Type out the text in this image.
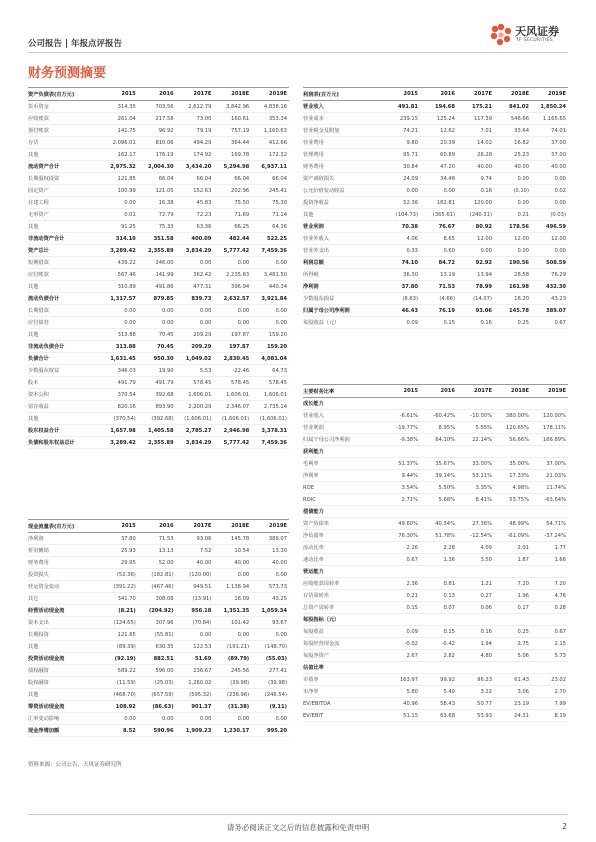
公司报告 | 年报点评报告
天风证券
TF SECURITIES
财务预测摘要
资产负债表(百万元)	2015	2016	2017E	2018E	2019E
货币资金	314.35	703.56	2,612.79	3,842.96	4,838.16
应收账款	261.04	217.58	73.00	160.61	353.34
预付账款	141.75	96.92	79.19	757.19	1,160.63
存货	2,096.01	810.06	494.29	364.44	412.66
其他	162.17	176.19	174.92	169.78	172.32
流动资产合计	2,975.32	2,004.30	3,434.20	5,294.98	6,937.11
长期股权投资	121.85	66.04	66.04	66.04	66.04
固定资产	100.99	121.05	152.63	202.96	245.41
在建工程	0.00	16.38	45.83	75.50	75.30
无形资产	0.01	72.79	72.23	71.69	71.14
其他	91.25	75.33	63.36	66.25	64.36
非流动资产合计	314.10	351.58	400.09	482.44	522.25
资产总计	3,289.42	2,355.89	3,834.29	5,777.42	7,459.36
短期借款	439.22	246.00	0.00	0.00	0.00
应付账款	567.46	141.99	362.42	2,235.63	3,481.50
其他	310.89	491.86	477.31	396.94	440.34
流动负债合计	1,317.57	879.85	839.73	2,632.57	3,921.84
长期借款	0.00	0.00	0.00	0.00	0.00
应付债券	0.00	0.00	0.00	0.00	0.00
其他	313.88	70.45	209.29	197.87	159.20
非流动负债合计	313.88	70.45	209.29	197.87	159.20
负债合计	1,631.45	950.30	1,049.02	2,830.45	4,081.04
少数股东权益	346.03	19.90	5.53	-22.46	64.73
股本	491.79	491.79	578.45	578.45	578.45
资本公积	370.54	392.68	1,606.01	1,606.01	1,606.01
留存收益	820.16	893.90	2,200.29	2,346.07	2,735.14
其他	(370.54)	(392.68)	(1,606.01)	(1,606.01)	(1,606.01)
股东权益合计	1,657.98	1,405.58	2,785.27	2,946.98	3,378.31
负债和股东权益总计	3,289.42	2,355.89	3,834.29	5,777.42	7,459.36
利润表(百万元)	2015	2016	2017E	2018E	2019E
营业收入	491.81	194.68	175.21	841.02	1,850.24
营业成本	239.15	125.24	117.39	546.66	1,165.65
营业税金及附加	74.21	12.62	7.01	33.64	74.01
营业费用	9.80	20.39	14.02	16.82	37.00
管理费用	95.71	60.89	26.28	25.23	37.00
财务费用	30.84	47.20	40.00	40.00	40.00
资产减值损失	24.09	34.48	9.74	0.00	0.00
公允价值变动收益	0.00	0.00	0.16	(0.10)	0.02
投资净收益	52.36	182.81	120.00	0.00	0.00
其他	(104.73)	(365.61)	(240.31)	0.21	(0.03)
营业利润	70.38	76.67	80.92	178.56	496.59
营业外收入	4.06	8.65	12.00	12.00	12.00
营业外支出	0.33	0.60	0.00	0.00	0.00
利润总额	74.10	84.72	92.92	190.56	508.59
所得税	36.30	13.19	13.94	28.58	76.29
净利润	37.80	71.53	78.99	161.98	432.30
少数股东损益	(8.63)	(4.66)	(14.07)	16.20	43.23
归属于母公司净利润	46.43	76.19	93.06	145.78	389.07
每股收益（元）	0.09	0.15	0.16	0.25	0.67
主要财务比率	2015	2016	2017E	2018E	2019E
成长能力					
营业收入	-6.61%	-60.42%	-10.00%	380.00%	120.00%
营业利润	-19.77%	8.95%	5.55%	120.65%	178.11%
归属于母公司净利润	-9.38%	64.10%	22.14%	56.66%	166.89%
获利能力					
毛利率	51.37%	35.67%	33.00%	35.00%	37.00%
净利率	9.44%	39.14%	53.11%	17.33%	21.03%
ROE	3.54%	5.50%	3.35%	4.98%	11.74%
ROIC	2.71%	5.68%	8.41%	53.75%	-63.64%
偿债能力					
资产负债率	49.60%	40.34%	27.36%	48.99%	54.71%
净负债率	76.30%	51.78%	-12.54%	-61.09%	-37.24%
流动比率	2.26	2.28	4.09	2.01	1.77
速动比率	0.67	1.36	3.50	1.87	1.66
营运能力					
应收账款周转率	2.36	0.81	1.21	7.20	7.20
存货周转率	0.21	0.13	0.27	1.96	4.76
总资产周转率	0.15	0.07	0.06	0.17	0.28
每股指标（元）					
每股收益	0.09	0.15	0.16	0.25	0.67
每股经营现金流	-0.02	-0.42	1.94	2.75	2.15
每股净资产	2.67	2.82	4.80	5.06	5.73
估值比率					
市盈率	163.97	99.92	96.23	61.43	23.02
市净率	5.80	5.49	3.22	3.06	2.70
EV/EBITDA	40.96	58.43	50.77	23.19	7.99
EV/EBIT	51.15	63.68	53.93	24.31	8.19
现金流量表(百万元)	2015	2016	2017E	2018E	2019E
净利润	37.80	71.53	93.06	145.78	389.07
折旧摊销	25.93	13.13	7.52	10.54	13.30
财务费用	29.95	52.00	40.00	40.00	40.00
投资损失	(52.36)	(182.81)	(120.00)	0.00	0.00
营运资金变动	(391.22)	(467.46)	949.51	1,138.94	573.73
其它	341.70	308.08	(13.91)	16.09	43.25
经营活动现金流	(8.21)	(204.92)	956.18	1,351.35	1,059.34
资本支出	(124.65)	307.96	(70.84)	101.42	93.67
长期投资	121.65	(55.81)	0.00	0.00	0.00
其他	(89.39)	630.35	122.53	(191.21)	(148.70)
投资活动现金流	(92.19)	882.51	51.69	(89.79)	(55.03)
债权融资	589.22	596.00	236.67	245.56	277.41
股权融资	(11.59)	(25.03)	1,260.02	(39.98)	(39.98)
其他	(468.70)	(657.59)	(595.32)	(236.96)	(246.54)
筹资活动现金流	108.92	(86.63)	901.37	(31.38)	(9.11)
汇率变动影响	0.00	0.00	0.00	0.00	0.00
现金净增加额	8.52	590.96	1,909.23	1,230.17	995.20
资料来源：公司公告，天风证券研究所
请务必阅读正文之后的信息披露和免责申明	2
